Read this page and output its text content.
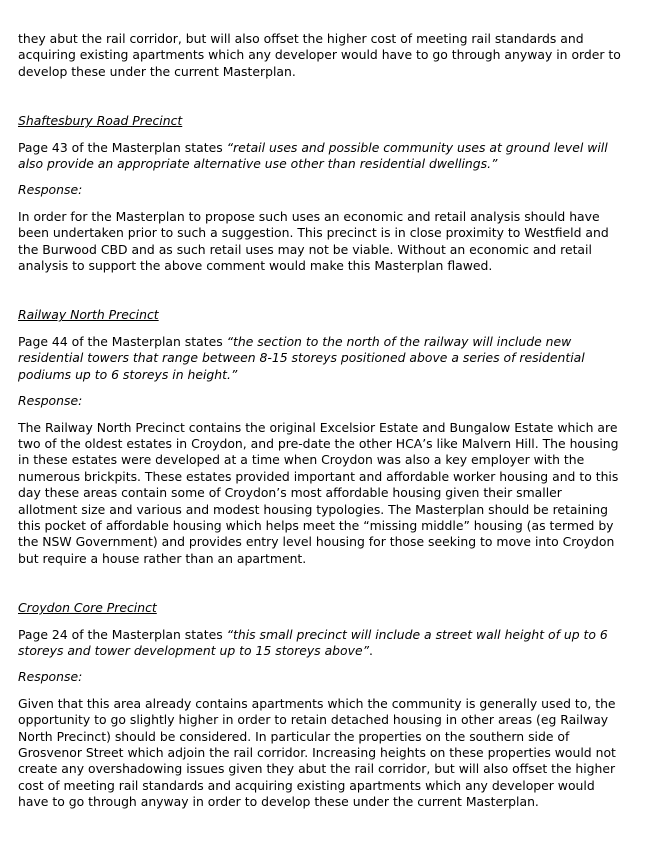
they abut the rail corridor, but will also offset the higher cost of meeting rail standards and acquiring existing apartments which any developer would have to go through anyway in order to develop these under the current Masterplan.

Shaftesbury Road Precinct

Page 43 of the Masterplan states “retail uses and possible community uses at ground level will also provide an appropriate alternative use other than residential dwellings.”

Response:

In order for the Masterplan to propose such uses an economic and retail analysis should have been undertaken prior to such a suggestion. This precinct is in close proximity to Westfield and the Burwood CBD and as such retail uses may not be viable. Without an economic and retail analysis to support the above comment would make this Masterplan flawed.

Railway North Precinct

Page 44 of the Masterplan states “the section to the north of the railway will include new residential towers that range between 8-15 storeys positioned above a series of residential podiums up to 6 storeys in height.”

Response:

The Railway North Precinct contains the original Excelsior Estate and Bungalow Estate which are two of the oldest estates in Croydon, and pre-date the other HCA’s like Malvern Hill. The housing in these estates were developed at a time when Croydon was also a key employer with the numerous brickpits. These estates provided important and affordable worker housing and to this day these areas contain some of Croydon’s most affordable housing given their smaller allotment size and various and modest housing typologies. The Masterplan should be retaining this pocket of affordable housing which helps meet the “missing middle” housing (as termed by the NSW Government) and provides entry level housing for those seeking to move into Croydon but require a house rather than an apartment.

Croydon Core Precinct

Page 24 of the Masterplan states “this small precinct will include a street wall height of up to 6 storeys and tower development up to 15 storeys above”.

Response:

Given that this area already contains apartments which the community is generally used to, the opportunity to go slightly higher in order to retain detached housing in other areas (eg Railway North Precinct) should be considered. In particular the properties on the southern side of Grosvenor Street which adjoin the rail corridor. Increasing heights on these properties would not create any overshadowing issues given they abut the rail corridor, but will also offset the higher cost of meeting rail standards and acquiring existing apartments which any developer would have to go through anyway in order to develop these under the current Masterplan.
